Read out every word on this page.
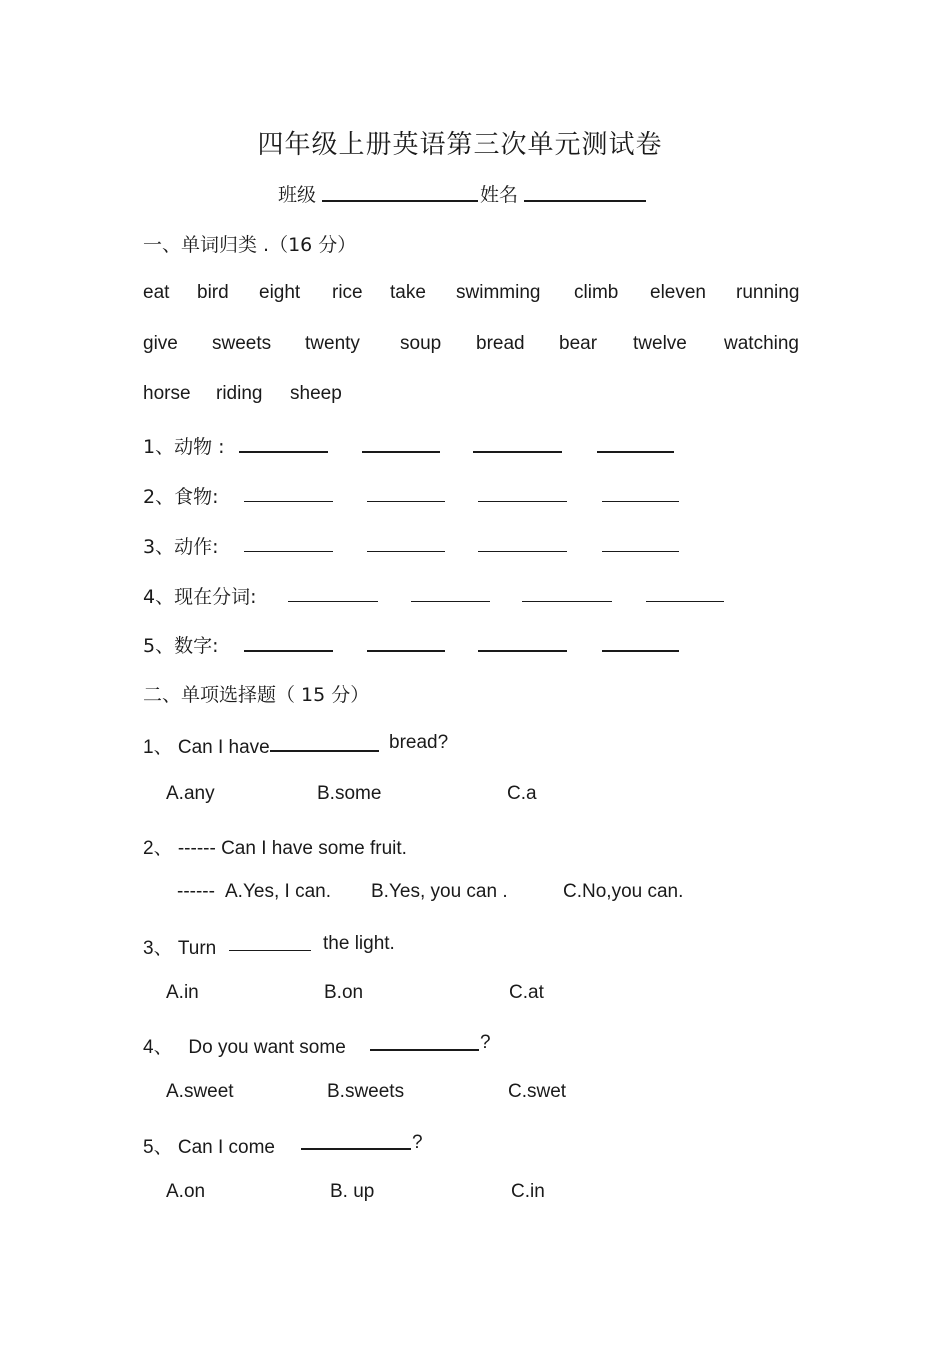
四年级上册英语第三次单元测试卷
班级	姓名
一、单词归类 .（16 分）
eat bird eight rice take swimming climb eleven running
give sweets twenty soup bread bear twelve watching
horse riding sheep
1、动物 :
2、食物:
3、动作:
4、现在分词:
5、数字:
二、单项选择题（ 15 分）
1、 Can I have	bread?
A.any	B.some	C.a
2、 ------ Can I have some fruit.
------ A.Yes, I can. B.Yes, you can .	C.No,you can.
3、 Turn	the light.
A.in	B.on	C.at
4、   Do you want some	?
A.sweet	B.sweets	C.swet
5、 Can I come	?
A.on	B. up	C.in
